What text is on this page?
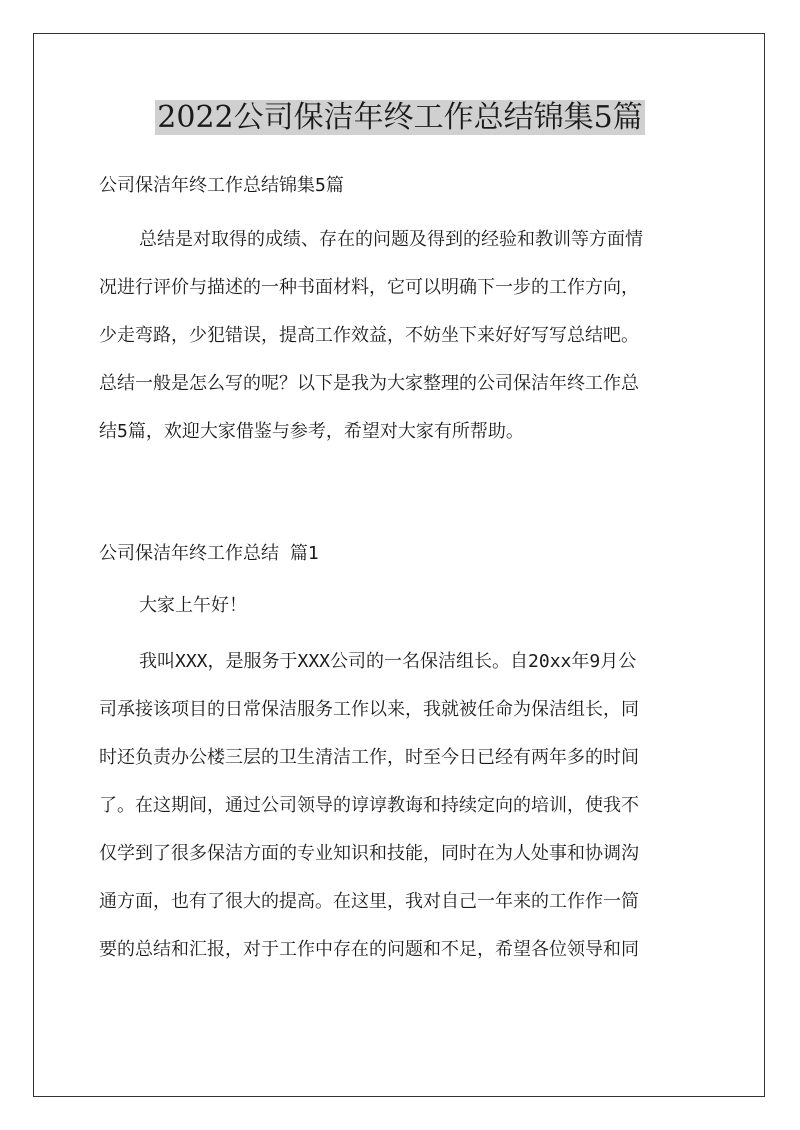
2022公司保洁年终工作总结锦集5篇
公司保洁年终工作总结锦集5篇
总结是对取得的成绩、存在的问题及得到的经验和教训等方面情
况进行评价与描述的一种书面材料，它可以明确下一步的工作方向，
少走弯路，少犯错误，提高工作效益，不妨坐下来好好写写总结吧。
总结一般是怎么写的呢？以下是我为大家整理的公司保洁年终工作总
结5篇，欢迎大家借鉴与参考，希望对大家有所帮助。
公司保洁年终工作总结 篇1
大家上午好！
我叫XXX，是服务于XXX公司的一名保洁组长。自20xx年9月公
司承接该项目的日常保洁服务工作以来，我就被任命为保洁组长，同
时还负责办公楼三层的卫生清洁工作，时至今日已经有两年多的时间
了。在这期间，通过公司领导的谆谆教诲和持续定向的培训，使我不
仅学到了很多保洁方面的专业知识和技能，同时在为人处事和协调沟
通方面，也有了很大的提高。在这里，我对自己一年来的工作作一简
要的总结和汇报，对于工作中存在的问题和不足，希望各位领导和同
